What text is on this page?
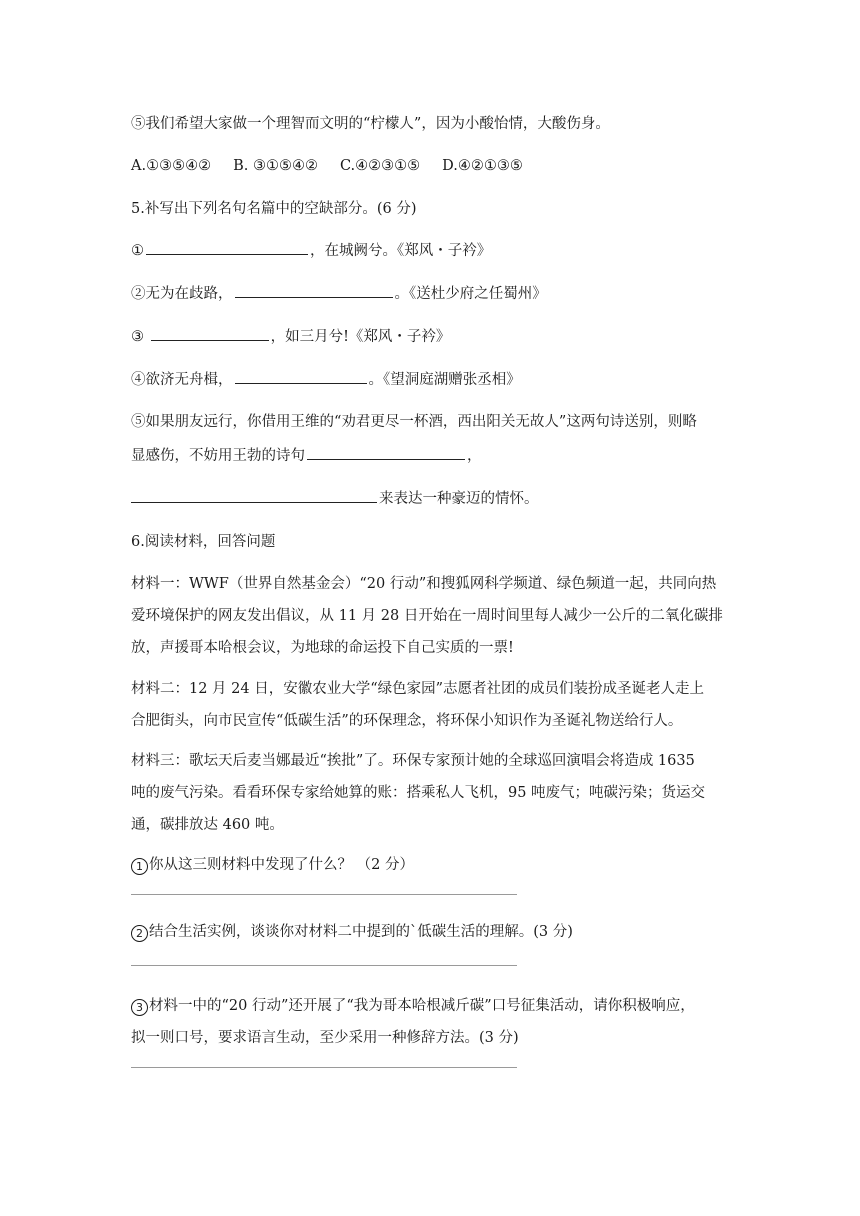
⑤我们希望大家做一个理智而文明的“柠檬人”，因为小酸怡情，大酸伤身。
A.①③⑤④② B. ③①⑤④② C.④②③①⑤ D.④②①③⑤
5.补写出下列名句名篇中的空缺部分。(6 分)
①	，在城阙兮。《郑风・子衿》
②无为在歧路，	。《送杜少府之任蜀州》
③	，如三月兮!《郑风・子衿》
④欲济无舟楫，	。《望洞庭湖赠张丞相》
⑤如果朋友远行，你借用王维的“劝君更尽一杯酒，西出阳关无故人”这两句诗送别，则略
显感伤，不妨用王勃的诗句	，
来表达一种豪迈的情怀。
6.阅读材料，回答问题
材料一：WWF（世界自然基金会）“20 行动”和搜狐网科学频道、绿色频道一起，共同向热
爱环境保护的网友发出倡议，从 11 月 28 日开始在一周时间里每人减少一公斤的二氧化碳排
放，声援哥本哈根会议，为地球的命运投下自己实质的一票!
材料二：12 月 24 日，安徽农业大学“绿色家园”志愿者社团的成员们装扮成圣诞老人走上
合肥街头，向市民宣传“低碳生活”的环保理念，将环保小知识作为圣诞礼物送给行人。
材料三：歌坛天后麦当娜最近“挨批”了。环保专家预计她的全球巡回演唱会将造成 1635
吨的废气污染。看看环保专家给她算的账：搭乘私人飞机，95 吨废气；吨碳污染；货运交
通，碳排放达 460 吨。
1 你从这三则材料中发现了什么？ （2 分）
2 结合生活实例，谈谈你对材料二中提到的`低碳生活的理解。(3 分)
3 材料一中的“20 行动”还开展了“我为哥本哈根减斤碳”口号征集活动，请你积极响应，
拟一则口号，要求语言生动，至少采用一种修辞方法。(3 分)
